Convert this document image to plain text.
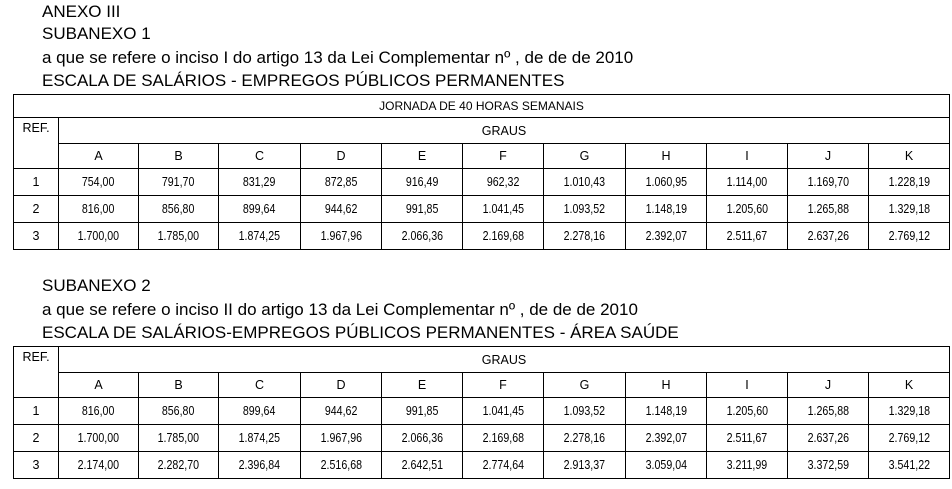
ANEXO III
SUBANEXO 1
a que se refere o inciso I do artigo 13 da Lei Complementar nº , de de de 2010
ESCALA DE SALÁRIOS - EMPREGOS PÚBLICOS PERMANENTES
JORNADA DE 40 HORAS SEMANAIS											
REF.	GRAUS										
	A	B	C	D	E	F	G	H	I	J	K
1	754,00	791,70	831,29	872,85	916,49	962,32	1.010,43	1.060,95	1.114,00	1.169,70	1.228,19
2	816,00	856,80	899,64	944,62	991,85	1.041,45	1.093,52	1.148,19	1.205,60	1.265,88	1.329,18
3	1.700,00	1.785,00	1.874,25	1.967,96	2.066,36	2.169,68	2.278,16	2.392,07	2.511,67	2.637,26	2.769,12
SUBANEXO 2
a que se refere o inciso II do artigo 13 da Lei Complementar nº , de de de 2010
ESCALA DE SALÁRIOS-EMPREGOS PÚBLICOS PERMANENTES - ÁREA SAÚDE
REF.	GRAUS										
	A	B	C	D	E	F	G	H	I	J	K
1	816,00	856,80	899,64	944,62	991,85	1.041,45	1.093,52	1.148,19	1.205,60	1.265,88	1.329,18
2	1.700,00	1.785,00	1.874,25	1.967,96	2.066,36	2.169,68	2.278,16	2.392,07	2.511,67	2.637,26	2.769,12
3	2.174,00	2.282,70	2.396,84	2.516,68	2.642,51	2.774,64	2.913,37	3.059,04	3.211,99	3.372,59	3.541,22
